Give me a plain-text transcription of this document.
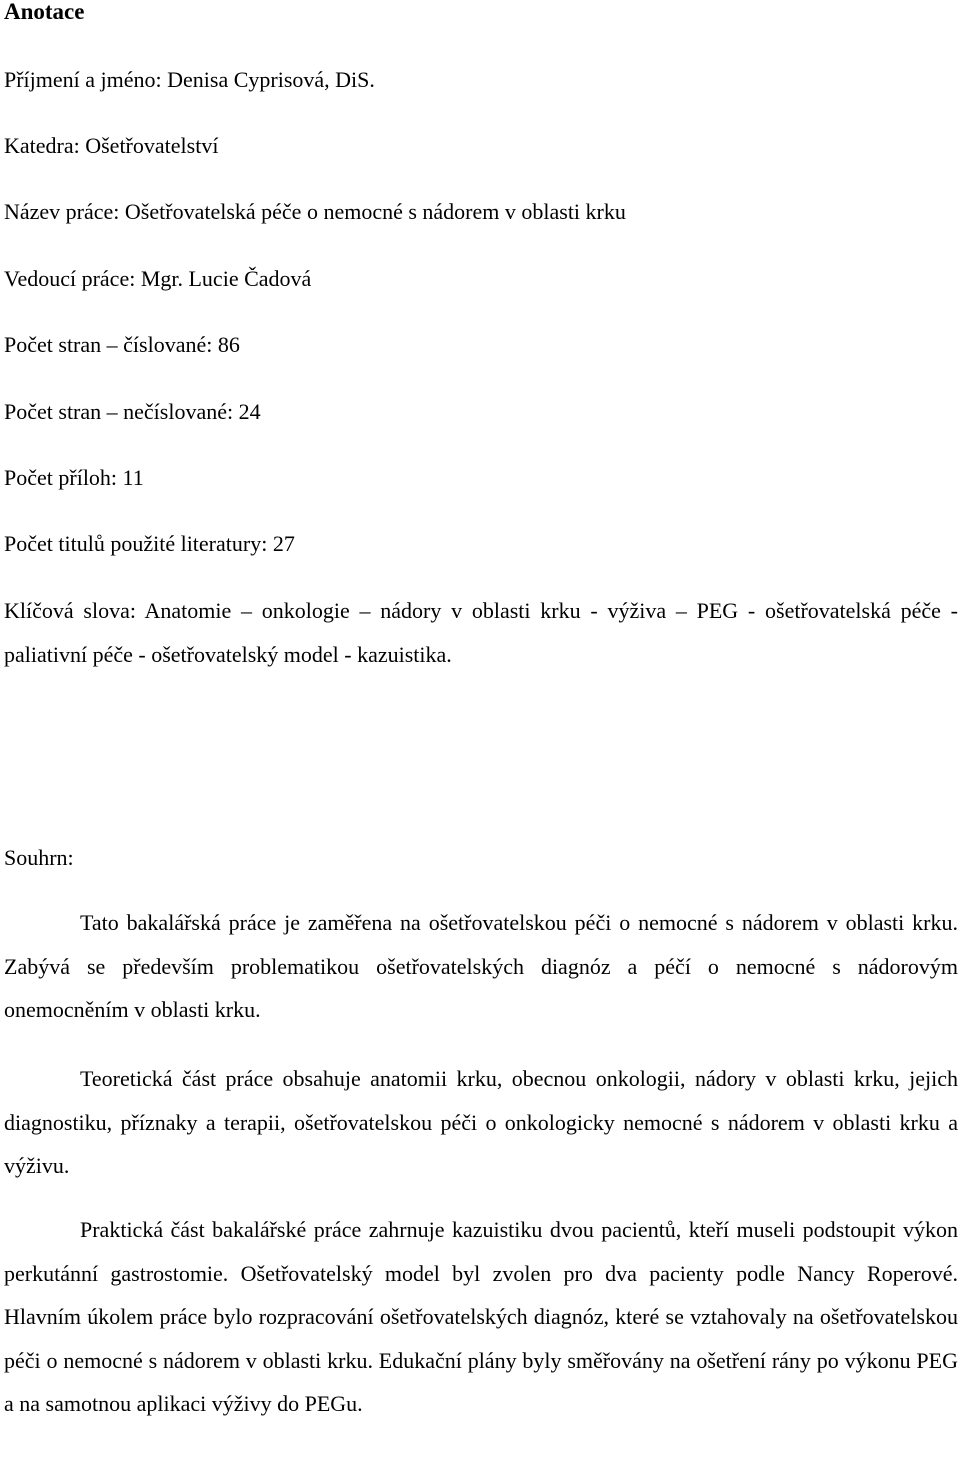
Anotace

Příjmení a jméno: Denisa Cyprisová, DiS.

Katedra: Ošetřovatelství

Název práce: Ošetřovatelská péče o nemocné s nádorem v oblasti krku

Vedoucí práce: Mgr. Lucie Čadová

Počet stran – číslované: 86

Počet stran – nečíslované: 24

Počet příloh: 11

Počet titulů použité literatury: 27

Klíčová slova: Anatomie – onkologie – nádory v oblasti krku - výživa – PEG - ošetřovatelská péče - paliativní péče - ošetřovatelský model - kazuistika.

Souhrn:

Tato bakalářská práce je zaměřena na ošetřovatelskou péči o nemocné s nádorem v oblasti krku. Zabývá se především problematikou ošetřovatelských diagnóz a péčí o nemocné s nádorovým onemocněním v oblasti krku.

Teoretická část práce obsahuje anatomii krku, obecnou onkologii, nádory v oblasti krku, jejich diagnostiku, příznaky a terapii, ošetřovatelskou péči o onkologicky nemocné s nádorem v oblasti krku a výživu.

Praktická část bakalářské práce zahrnuje kazuistiku dvou pacientů, kteří museli podstoupit výkon perkutánní gastrostomie. Ošetřovatelský model byl zvolen pro dva pacienty podle Nancy Roperové. Hlavním úkolem práce bylo rozpracování ošetřovatelských diagnóz, které se vztahovaly na ošetřovatelskou péči o nemocné s nádorem v oblasti krku. Edukační plány byly směřovány na ošetření rány po výkonu PEG a na samotnou aplikaci výživy do PEGu.
